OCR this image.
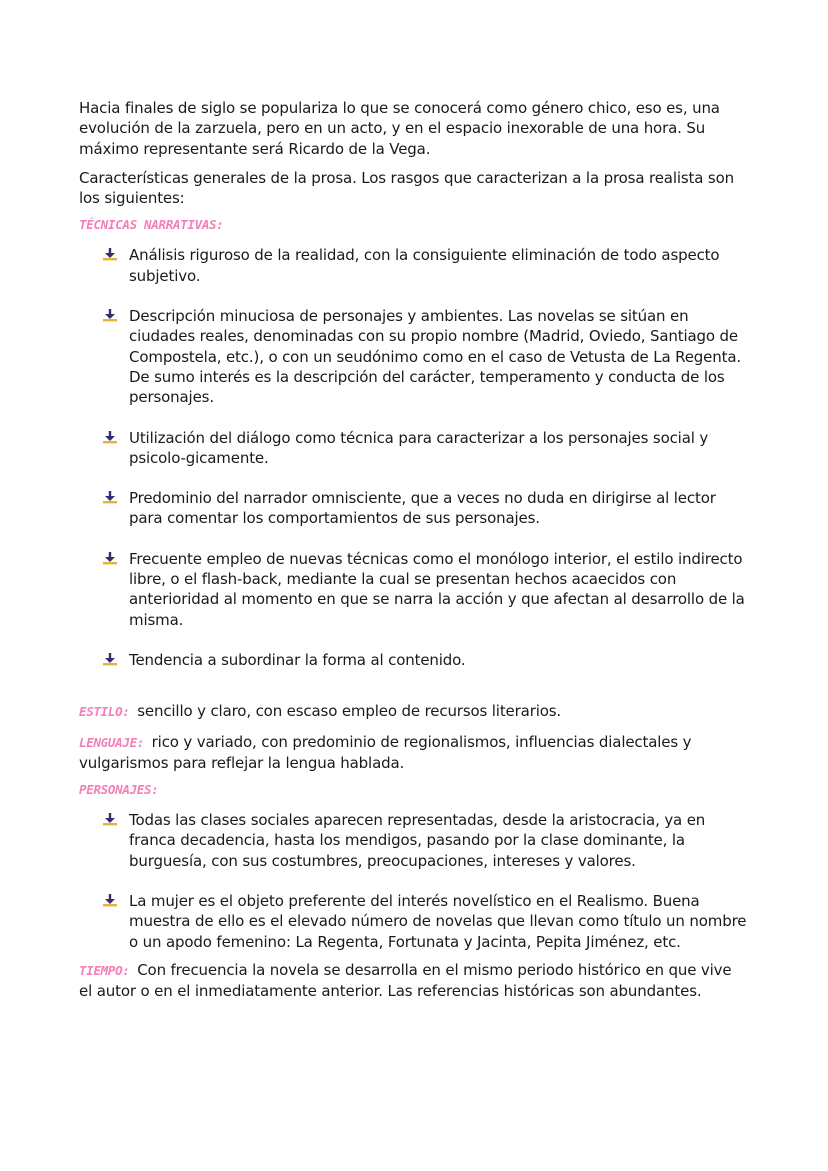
Hacia finales de siglo se populariza lo que se conocerá como género chico, eso es, una evolución de la zarzuela, pero en un acto, y en el espacio inexorable de una hora. Su máximo representante será Ricardo de la Vega.

Características generales de la prosa. Los rasgos que caracterizan a la prosa realista son los siguientes:

TÉCNICAS NARRATIVAS:
Análisis riguroso de la realidad, con la consiguiente eliminación de todo aspecto subjetivo.
Descripción minuciosa de personajes y ambientes. Las novelas se sitúan en ciudades reales, denominadas con su propio nombre (Madrid, Oviedo, Santiago de Compostela, etc.), o con un seudónimo como en el caso de Vetusta de La Regenta. De sumo interés es la descripción del carácter, temperamento y conducta de los personajes.
Utilización del diálogo como técnica para caracterizar a los personajes social y psicolo-gicamente.
Predominio del narrador omnisciente, que a veces no duda en dirigirse al lector para comentar los comportamientos de sus personajes.
Frecuente empleo de nuevas técnicas como el monólogo interior, el estilo indirecto libre, o el flash-back, mediante la cual se presentan hechos acaecidos con anterioridad al momento en que se narra la acción y que afectan al desarrollo de la misma.
Tendencia a subordinar la forma al contenido.

ESTILO: sencillo y claro, con escaso empleo de recursos literarios.

LENGUAJE: rico y variado, con predominio de regionalismos, influencias dialectales y vulgarismos para reflejar la lengua hablada.

PERSONAJES:
Todas las clases sociales aparecen representadas, desde la aristocracia, ya en franca decadencia, hasta los mendigos, pasando por la clase dominante, la burguesía, con sus costumbres, preocupaciones, intereses y valores.
La mujer es el objeto preferente del interés novelístico en el Realismo. Buena muestra de ello es el elevado número de novelas que llevan como título un nombre o un apodo femenino: La Regenta, Fortunata y Jacinta, Pepita Jiménez, etc.

TIEMPO: Con frecuencia la novela se desarrolla en el mismo periodo histórico en que vive el autor o en el inmediatamente anterior. Las referencias históricas son abundantes.
